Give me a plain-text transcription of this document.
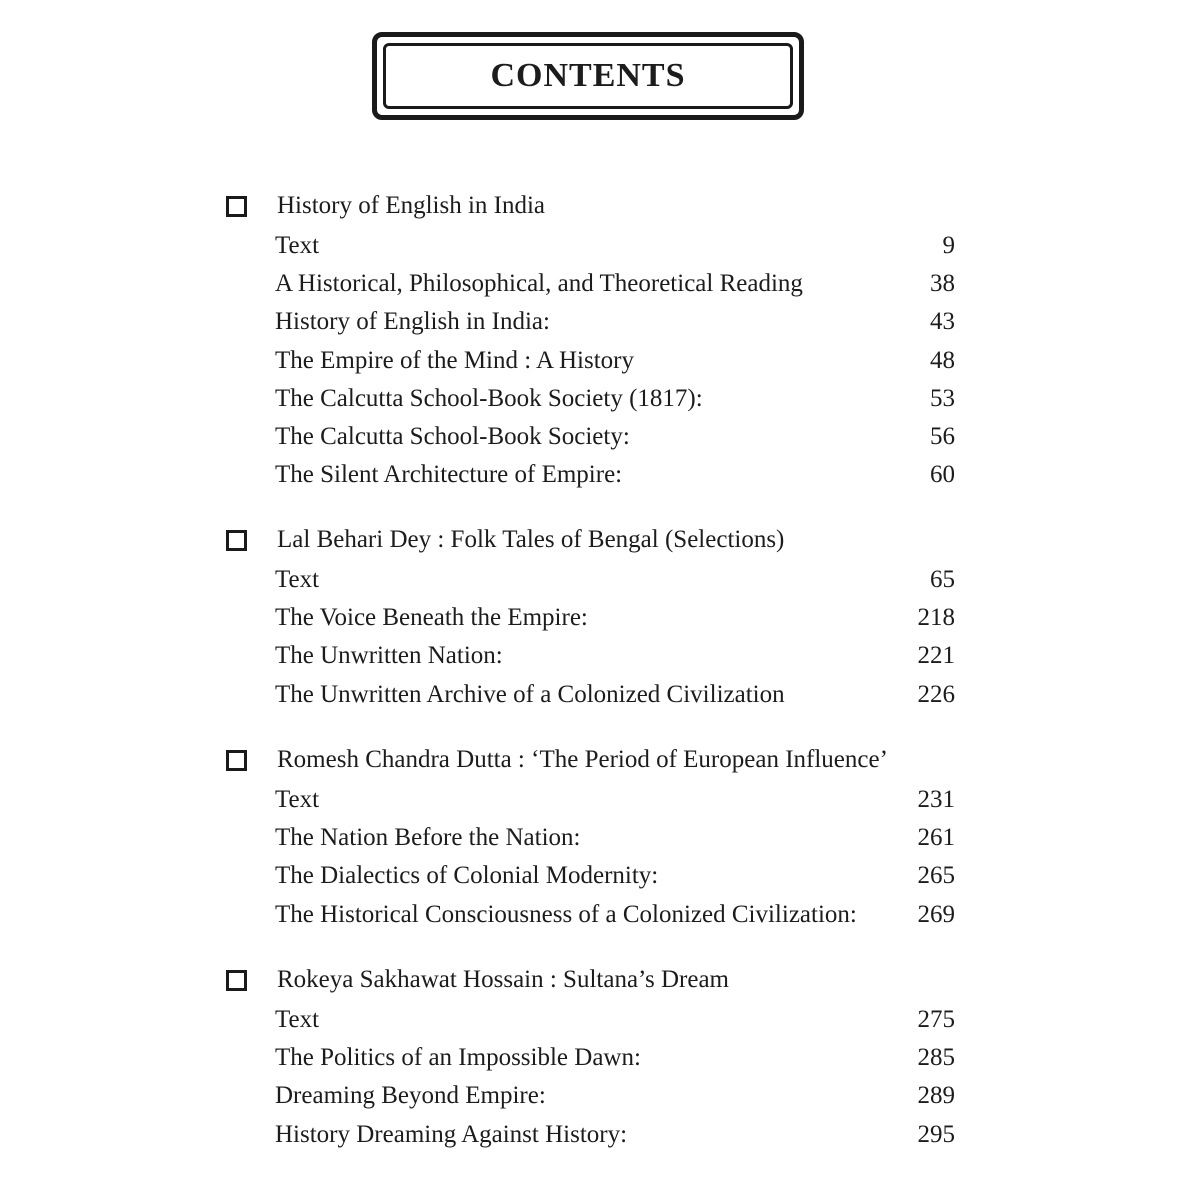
CONTENTS
History of English in India
Text	9
A Historical, Philosophical, and Theoretical Reading	38
History of English in India:	43
The Empire of the Mind : A History	48
The Calcutta School-Book Society (1817):	53
The Calcutta School-Book Society:	56
The Silent Architecture of Empire:	60
Lal Behari Dey : Folk Tales of Bengal (Selections)
Text	65
The Voice Beneath the Empire:	218
The Unwritten Nation:	221
The Unwritten Archive of a Colonized Civilization	226
Romesh Chandra Dutta : ‘The Period of European Influence’
Text	231
The Nation Before the Nation:	261
The Dialectics of Colonial Modernity:	265
The Historical Consciousness of a Colonized Civilization:	269
Rokeya Sakhawat Hossain : Sultana’s Dream
Text	275
The Politics of an Impossible Dawn:	285
Dreaming Beyond Empire:	289
History Dreaming Against History:	295
